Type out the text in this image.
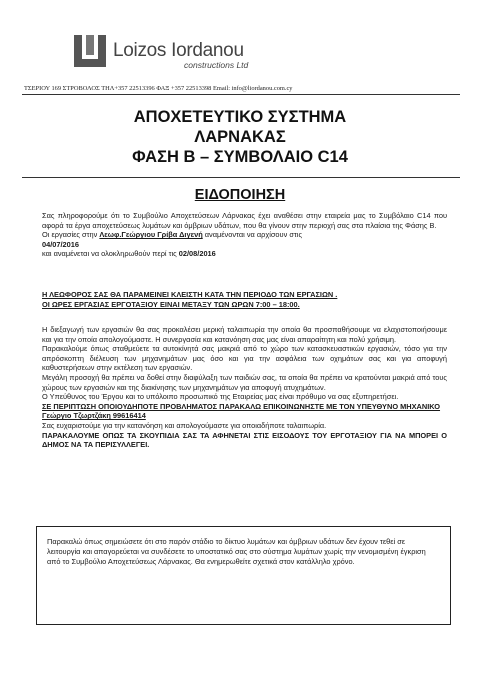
Loizos Iordanou
constructions Ltd
ΤΣΕΡΙΟΥ 169 ΣΤΡΟΒΟΛΟΣ ΤΗΛ+357 22513396 ΦΑΞ +357 22513398 Email: info@liordanou.com.cy
ΑΠΟΧΕΤΕΥΤΙΚΟ ΣΥΣΤΗΜΑ
ΛΑΡΝΑΚΑΣ
ΦΑΣΗ Β – ΣΥΜΒΟΛΑΙΟ C14
ΕΙΔΟΠΟΙΗΣΗ

Σας πληροφορούμε ότι το Συμβούλιο Αποχετεύσεων Λάρνακας έχει αναθέσει στην εταιρεία μας το Συμβόλαιο C14 που αφορά τα έργα αποχετεύσεως λυμάτων και όμβριων υδάτων, που θα γίνουν στην περιοχή σας στα πλαίσια της Φάσης Β.

Οι εργασίες στην Λεωφ.Γεώργιου Γρίβα Διγενή αναμένονται να αρχίσουν στις

04/07/2016

και αναμένεται να ολοκληρωθούν περί τις 02/08/2016

Η ΛΕΩΦΟΡΟΣ ΣΑΣ ΘΑ ΠΑΡΑΜΕΙΝΕΙ ΚΛΕΙΣΤΗ ΚΑΤΑ ΤΗΝ ΠΕΡΙΟΔΟ ΤΩΝ ΕΡΓΑΣΙΩΝ .

ΟΙ ΩΡΕΣ ΕΡΓΑΣΙΑΣ ΕΡΓΟΤΑΞΙΟΥ ΕΙΝΑΙ ΜΕΤΑΞΥ ΤΩΝ ΩΡΩΝ 7:00 – 18:00.

Η διεξαγωγή των εργασιών θα σας προκαλέσει μερική ταλαιπωρία την οποία θα προσπαθήσουμε να ελαχιστοποιήσουμε και για την οποία απολογούμαστε. Η συνεργασία και κατανόηση σας μας είναι απαραίτητη και πολύ χρήσιμη.

Παρακαλούμε όπως σταθμεύετε τα αυτοκίνητά σας μακριά από το χώρο των κατασκευαστικών εργασιών, τόσο για την απρόσκοπτη διέλευση των μηχανημάτων μας όσο και για την ασφάλεια των οχημάτων σας και για αποφυγή καθυστερήσεων στην εκτέλεση των εργασιών.

Μεγάλη προσοχή θα πρέπει να δοθεί στην διαφύλαξη των παιδιών σας, τα οποία θα πρέπει να κρατούνται μακριά από τους χώρους των εργασιών και της διακίνησης των μηχανημάτων για αποφυγή ατυχημάτων.

Ο Υπεύθυνος του Έργου και το υπόλοιπο προσωπικό της Εταιρείας μας είναι πρόθυμο να σας εξυπηρετήσει.

ΣΕ ΠΕΡΙΠΤΩΣΗ ΟΠΟΙΟΥΔΗΠΟΤΕ ΠΡΟΒΛΗΜΑΤΟΣ ΠΑΡΑΚΑΛΩ ΕΠΙΚΟΙΝΩΝΗΣΤΕ ΜΕ ΤΟΝ ΥΠΕΥΘΥΝΟ ΜΗΧΑΝΙΚΟ Γεώργιο Τζωρτζάκη 99616414

Σας ευχαριστούμε για την κατανόηση και απολογούμαστε για οποιαδήποτε ταλαιπωρία.

ΠΑΡΑΚΑΛΟΥΜΕ ΟΠΩΣ ΤΑ ΣΚΟΥΠΙΔΙΑ ΣΑΣ ΤΑ ΑΦΗΝΕΤΑΙ ΣΤΙΣ ΕΙΣΟΔΟΥΣ ΤΟΥ ΕΡΓΟΤΑΞΙΟΥ ΓΙΑ ΝΑ ΜΠΟΡΕΙ Ο ΔΗΜΟΣ ΝΑ ΤΑ ΠΕΡΙΣΥΛΛΕΓΕΙ.

Παρακαλώ όπως σημειώσετε ότι στο παρόν στάδιο το δίκτυο λυμάτων και όμβριων υδάτων δεν έχουν τεθεί σε λειτουργία και απαγορεύεται να συνδέσετε το υποστατικό σας στο σύστημα λυμάτων χωρίς την νενομισμένη έγκριση από το Συμβούλιο Αποχετεύσεως Λάρνακας. Θα ενημερωθείτε σχετικά στον κατάλληλο χρόνο.
